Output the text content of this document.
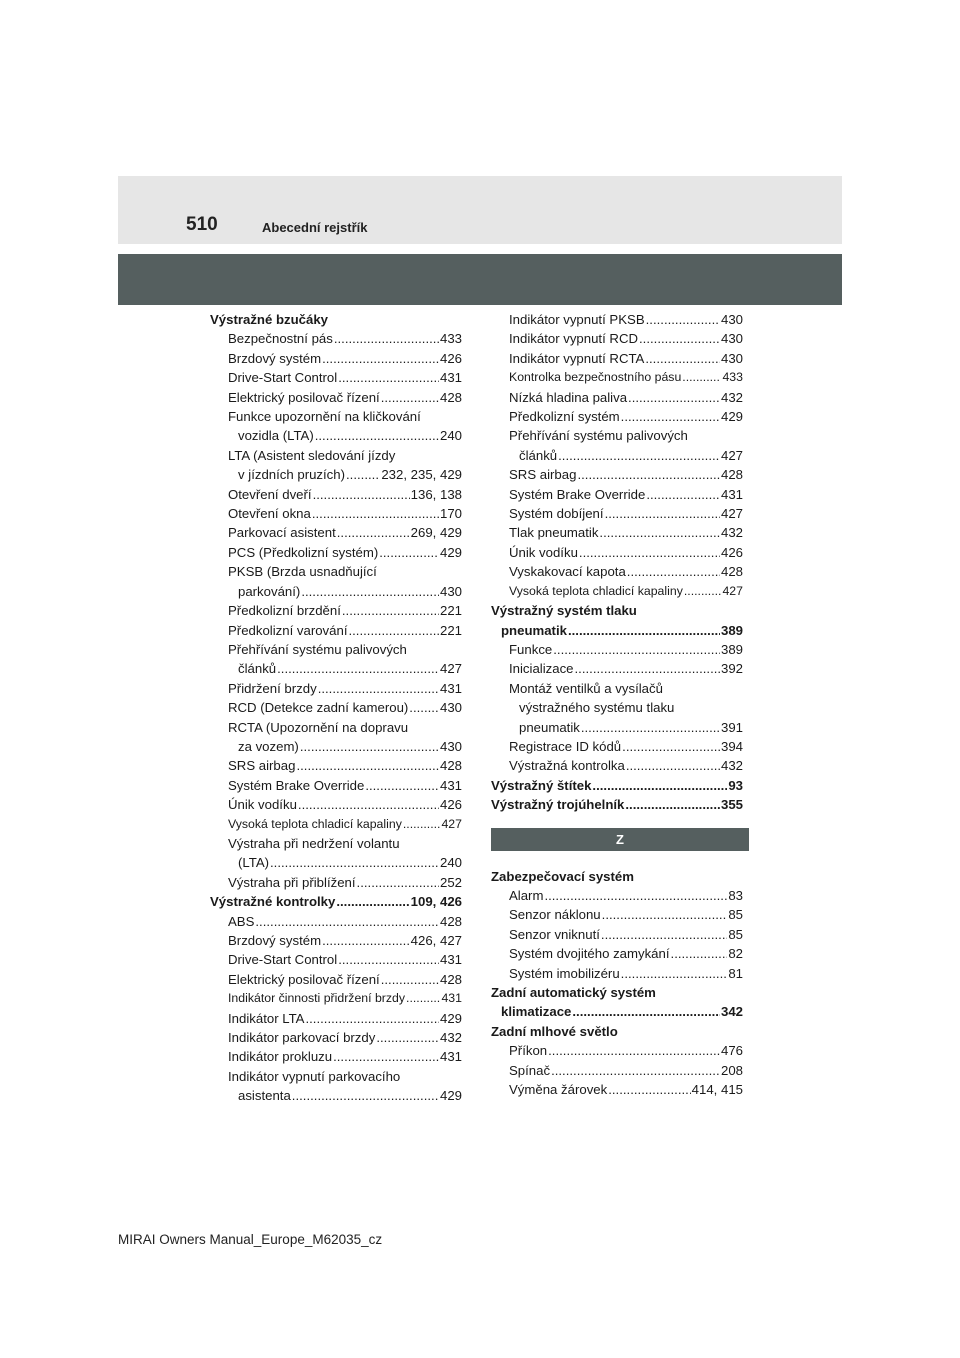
510	Abecední rejstřík
Výstražné bzučáky
Bezpečnostní pás .....	433
Brzdový systém .....	426
Drive-Start Control .....	431
Elektrický posilovač řízení .....	428
Funkce upozornění na kličkování
vozidla (LTA) .....	240
LTA (Asistent sledování jízdy
v jízdních pruzích) .....	232, 235, 429
Otevření dveří .....	136, 138
Otevření okna .....	170
Parkovací asistent .....	269, 429
PCS (Předkolizní systém) .....	429
PKSB (Brzda usnadňující
parkování) .....	430
Předkolizní brzdění .....	221
Předkolizní varování .....	221
Přehřívání systému palivových
článků .....	427
Přidržení brzdy .....	431
RCD (Detekce zadní kamerou) ..... 430
RCTA (Upozornění na dopravu
za vozem) .....	430
SRS airbag .....	428
Systém Brake Override .....	431
Únik vodíku .....	426
Vysoká teplota chladicí kapaliny .....	427
Výstraha při nedržení volantu
(LTA) .....	240
Výstraha při přiblížení .....	252
Výstražné kontrolky .....	109, 426
ABS .....	428
Brzdový systém .....	426, 427
Drive-Start Control .....	431
Elektrický posilovač řízení .....	428
Indikátor činnosti přidržení brzdy .....	431
Indikátor LTA .....	429
Indikátor parkovací brzdy .....	432
Indikátor prokluzu .....	431
Indikátor vypnutí parkovacího
asistenta .....	429
Indikátor vypnutí PKSB .....	430
Indikátor vypnutí RCD .....	430
Indikátor vypnutí RCTA .....	430
Kontrolka bezpečnostního pásu .....	433
Nízká hladina paliva .....	432
Předkolizní systém .....	429
Přehřívání systému palivových
článků .....	427
SRS airbag .....	428
Systém Brake Override .....	431
Systém dobíjení .....	427
Tlak pneumatik .....	432
Únik vodíku .....	426
Vyskakovací kapota .....	428
Vysoká teplota chladicí kapaliny .....	427
Výstražný systém tlaku
pneumatik .....	389
Funkce .....	389
Inicializace .....	392
Montáž ventilků a vysílačů
výstražného systému tlaku
pneumatik .....	391
Registrace ID kódů .....	394
Výstražná kontrolka .....	432
Výstražný štítek .....	93
Výstražný trojúhelník .....	355
Z
Zabezpečovací systém
Alarm .....	83
Senzor náklonu .....	85
Senzor vniknutí .....	85
Systém dvojitého zamykání .....	82
Systém imobilizéru .....	81
Zadní automatický systém
klimatizace .....	342
Zadní mlhové světlo
Příkon .....	476
Spínač .....	208
Výměna žárovek .....	414, 415
MIRAI Owners Manual_Europe_M62035_cz
